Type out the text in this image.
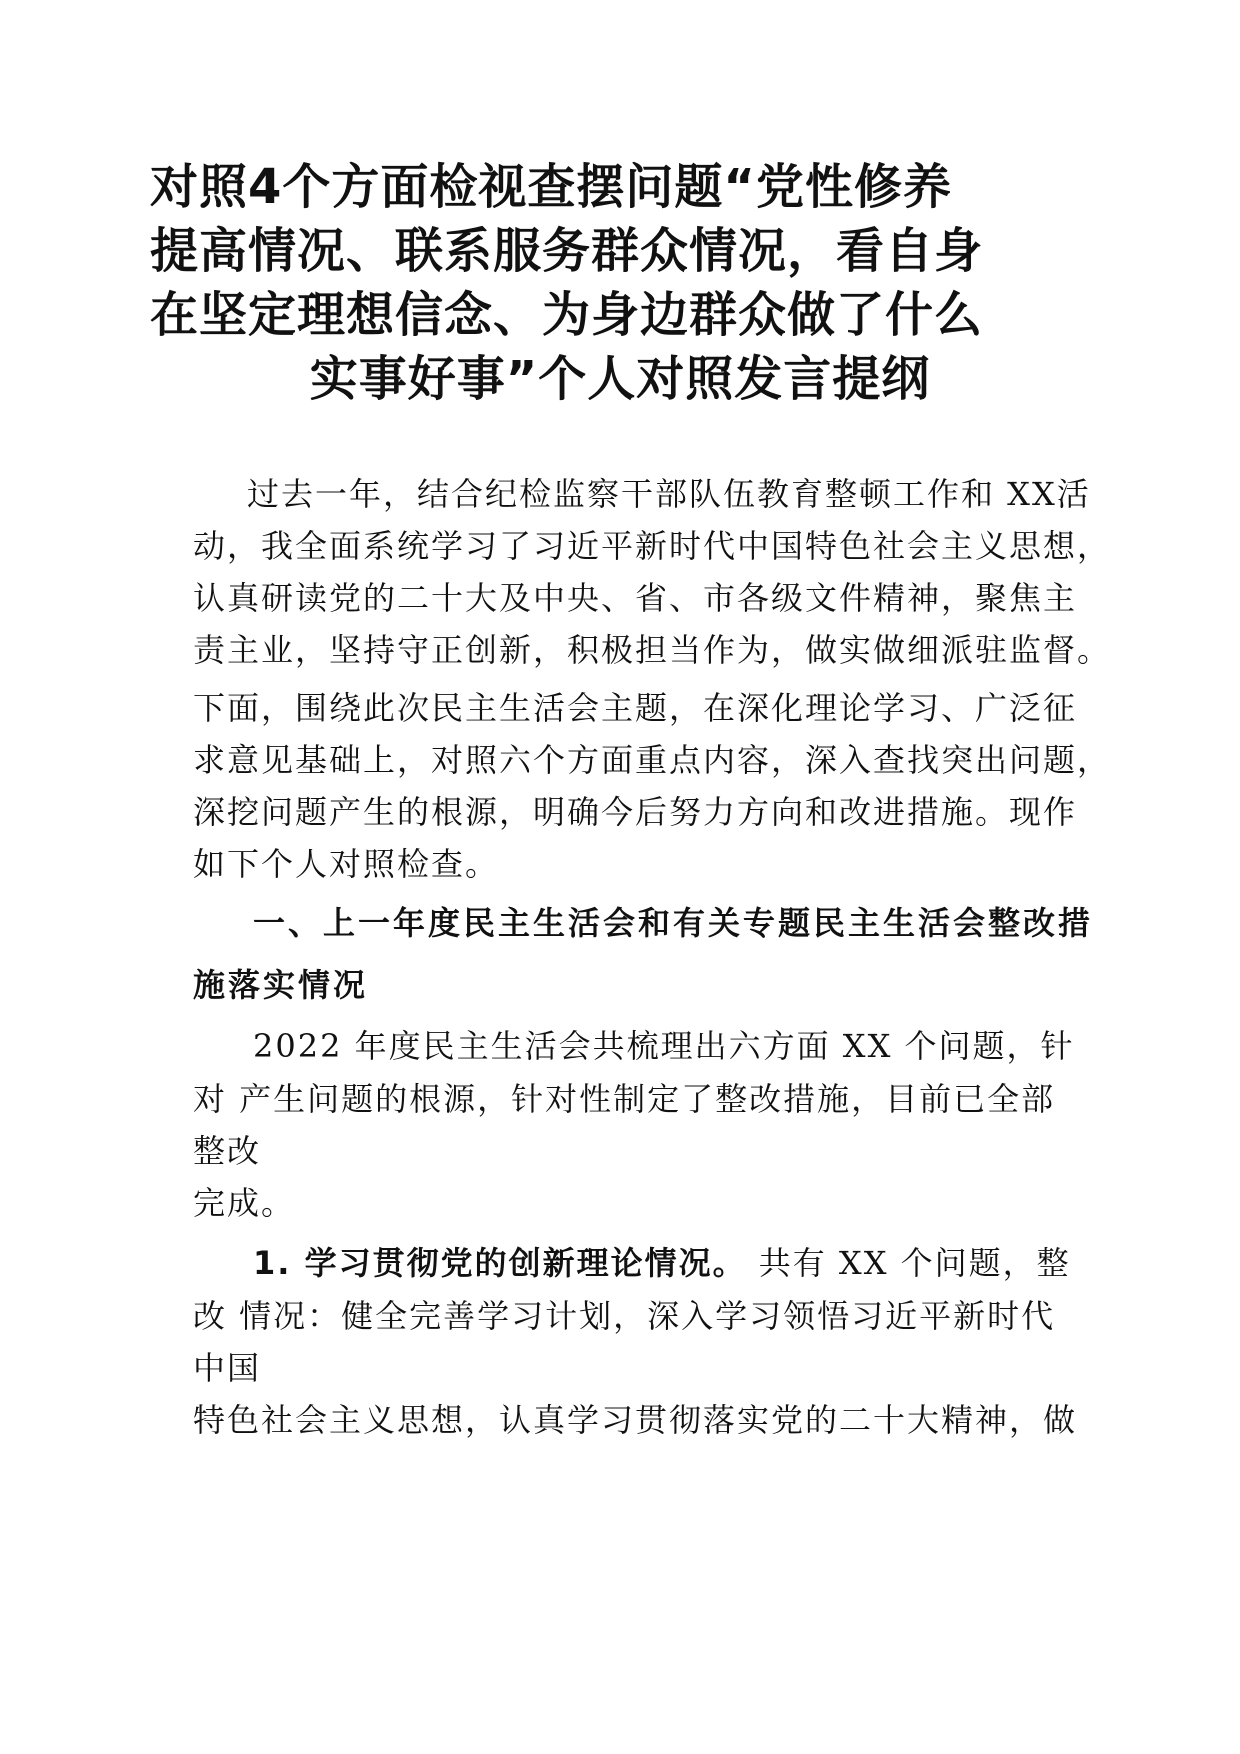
对照4个方面检视查摆问题“党性修养
提高情况、联系服务群众情况，看自身
在坚定理想信念、为身边群众做了什么
实事好事”个人对照发言提纲
过去一年，结合纪检监察干部队伍教育整顿工作和 XX活
动，我全面系统学习了习近平新时代中国特色社会主义思想，
认真研读党的二十大及中央、省、市各级文件精神，聚焦主
责主业，坚持守正创新，积极担当作为，做实做细派驻监督。
下面，围绕此次民主生活会主题，在深化理论学习、广泛征
求意见基础上，对照六个方面重点内容，深入查找突出问题，
深挖问题产生的根源，明确今后努力方向和改进措施。现作
如下个人对照检查。
一、上一年度民主生活会和有关专题民主生活会整改措
施落实情况
2022 年度民主生活会共梳理出六方面 XX 个问题，针
对 产生问题的根源，针对性制定了整改措施，目前已全部
整改
完成。
1. 学习贯彻党的创新理论情况。 共有 XX 个问题，整
改 情况：健全完善学习计划，深入学习领悟习近平新时代
中国
特色社会主义思想，认真学习贯彻落实党的二十大精神，做
